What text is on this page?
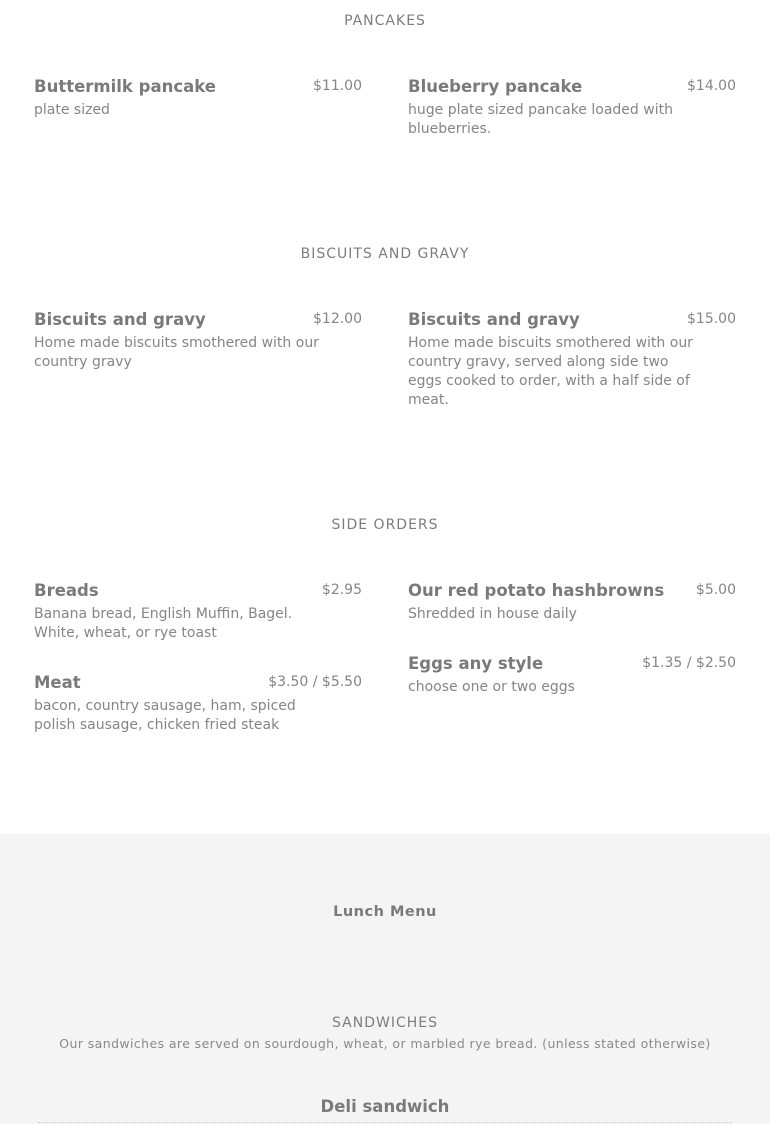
PANCAKES
Buttermilk pancake	$11.00
plate sized
Blueberry pancake	$14.00
huge plate sized pancake loaded with blueberries.
BISCUITS AND GRAVY
Biscuits and gravy	$12.00
Home made biscuits smothered with our country gravy
Biscuits and gravy	$15.00
Home made biscuits smothered with our country gravy, served along side two eggs cooked to order, with a half side of meat.
SIDE ORDERS
Breads	$2.95
Banana bread, English Muffin, Bagel. White, wheat, or rye toast
Our red potato hashbrowns $5.00
Shredded in house daily
Meat	$3.50 / $5.50
bacon, country sausage, ham, spiced polish sausage, chicken fried steak
Eggs any style	$1.35 / $2.50
choose one or two eggs
Lunch Menu
SANDWICHES
Our sandwiches are served on sourdough, wheat, or marbled rye bread. (unless stated otherwise)
Deli sandwich
